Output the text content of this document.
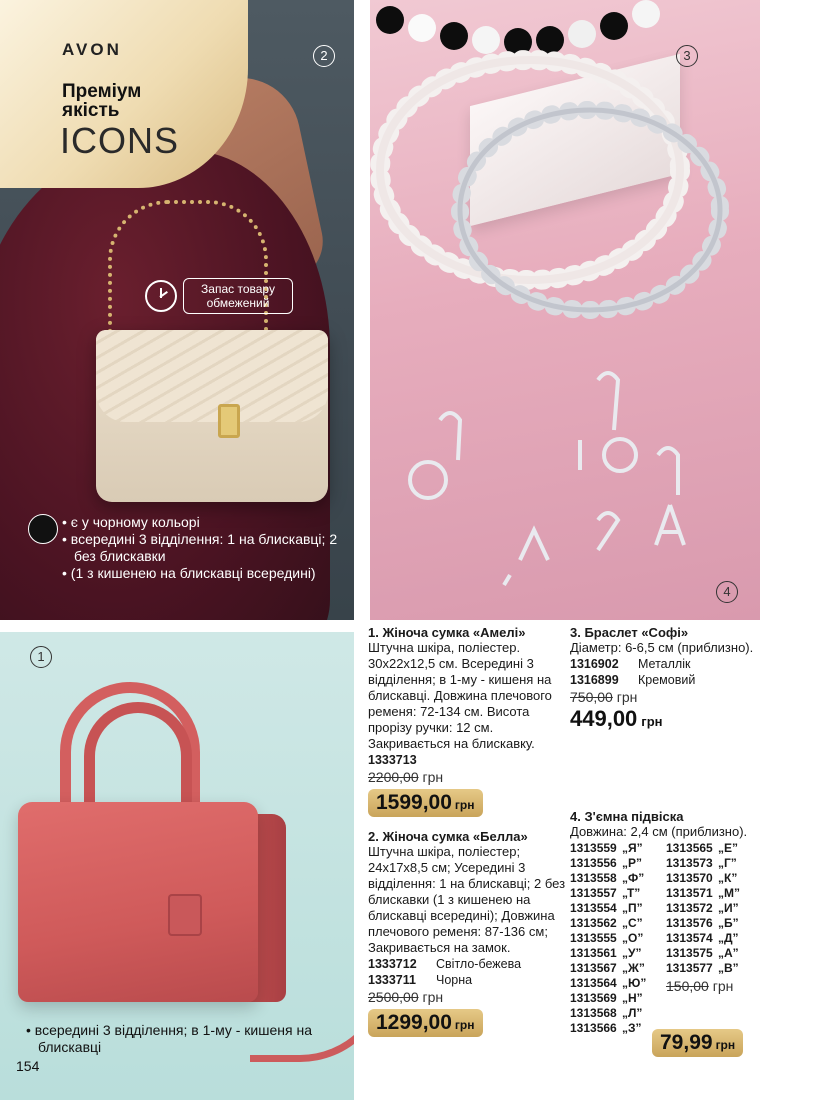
AVON
Преміум
якість
ICONS
2
Запас товару
обмежений
• є у чорному кольорі
• всередині 3 відділення: 1 на блискавці; 2 без блискавки
• (1 з кишенею на блискавці всередині)
3
4
1
• всередині 3 відділення; в 1-му - кишеня на блискавці
154
1. Жіноча сумка «Амелі»
Штучна шкіра, поліестер. 30x22x12,5 см. Всередині 3 відділення; в 1-му - кишеня на блискавці. Довжина плечового ременя: 72-134 см. Висота прорізу ручки: 12 см. Закривається на блискавку.
1333713
2200,00 грн
1599,00 грн
2. Жіноча сумка «Белла»
Штучна шкіра, поліестер; 24x17x8,5 см; Усередині 3 відділення: 1 на блискавці; 2 без блискавки (1 з кишенею на блискавці всередині); Довжина плечового ременя: 87-136 см; Закривається на замок.
1333712	Світло-бежева
1333711	Чорна
2500,00 грн
1299,00 грн
3. Браслет «Софі»
Діаметр: 6-6,5 см (приблизно).
1316902	Металлік
1316899	Кремовий
750,00 грн
449,00 грн
4. З'ємна підвіска
Довжина: 2,4 см (приблизно).
1313559 „Я”
1313556 „Р”
1313558 „Ф”
1313557 „Т”
1313554 „П”
1313562 „С”
1313555 „О”
1313561 „У”
1313567 „Ж”
1313564 „Ю”
1313569 „Н”
1313568 „Л”
1313566 „З”
1313565 „Е”
1313573 „Г”
1313570 „К”
1313571 „М”
1313572 „И”
1313576 „Б”
1313574 „Д”
1313575 „А”
1313577 „В”
150,00 грн
79,99 грн
